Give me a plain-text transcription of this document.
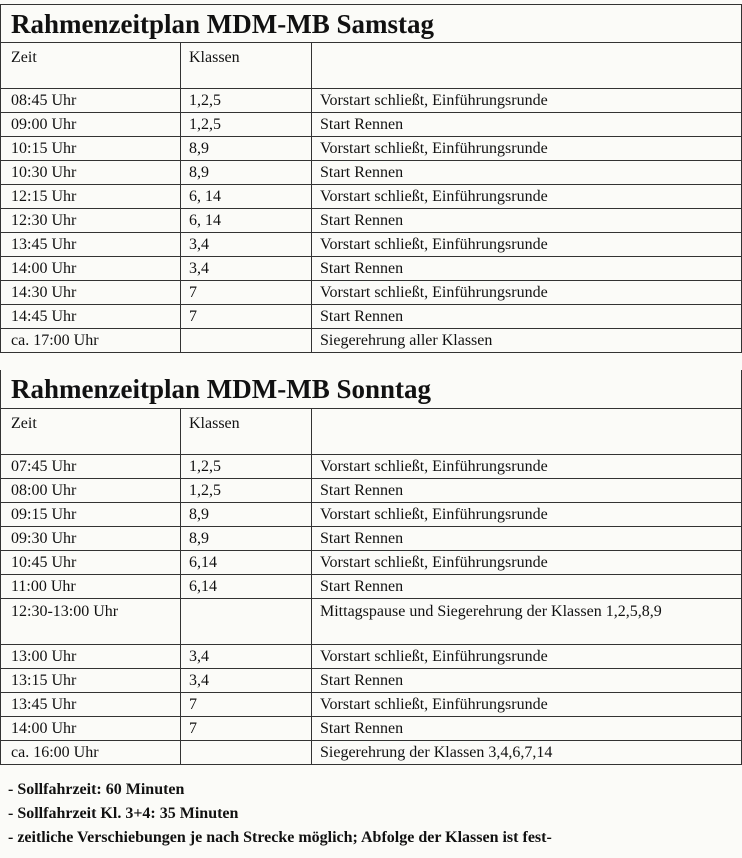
Rahmenzeitplan MDM-MB Samstag
Zeit	Klassen	
08:45 Uhr	1,2,5	Vorstart schließt, Einführungsrunde
09:00 Uhr	1,2,5	Start Rennen
10:15 Uhr	8,9	Vorstart schließt, Einführungsrunde
10:30 Uhr	8,9	Start Rennen
12:15 Uhr	6, 14	Vorstart schließt, Einführungsrunde
12:30 Uhr	6, 14	Start Rennen
13:45 Uhr	3,4	Vorstart schließt, Einführungsrunde
14:00 Uhr	3,4	Start Rennen
14:30 Uhr	7	Vorstart schließt, Einführungsrunde
14:45 Uhr	7	Start Rennen
ca. 17:00 Uhr		Siegerehrung aller Klassen
Rahmenzeitplan MDM-MB Sonntag
Zeit	Klassen	
07:45 Uhr	1,2,5	Vorstart schließt, Einführungsrunde
08:00 Uhr	1,2,5	Start Rennen
09:15 Uhr	8,9	Vorstart schließt, Einführungsrunde
09:30 Uhr	8,9	Start Rennen
10:45 Uhr	6,14	Vorstart schließt, Einführungsrunde
11:00 Uhr	6,14	Start Rennen
12:30-13:00 Uhr		Mittagspause und Siegerehrung der Klassen 1,2,5,8,9
13:00 Uhr	3,4	Vorstart schließt, Einführungsrunde
13:15 Uhr	3,4	Start Rennen
13:45 Uhr	7	Vorstart schließt, Einführungsrunde
14:00 Uhr	7	Start Rennen
ca. 16:00 Uhr		Siegerehrung der Klassen 3,4,6,7,14
- Sollfahrzeit: 60 Minuten
- Sollfahrzeit Kl. 3+4: 35 Minuten
- zeitliche Verschiebungen je nach Strecke möglich; Abfolge der Klassen ist fest-
